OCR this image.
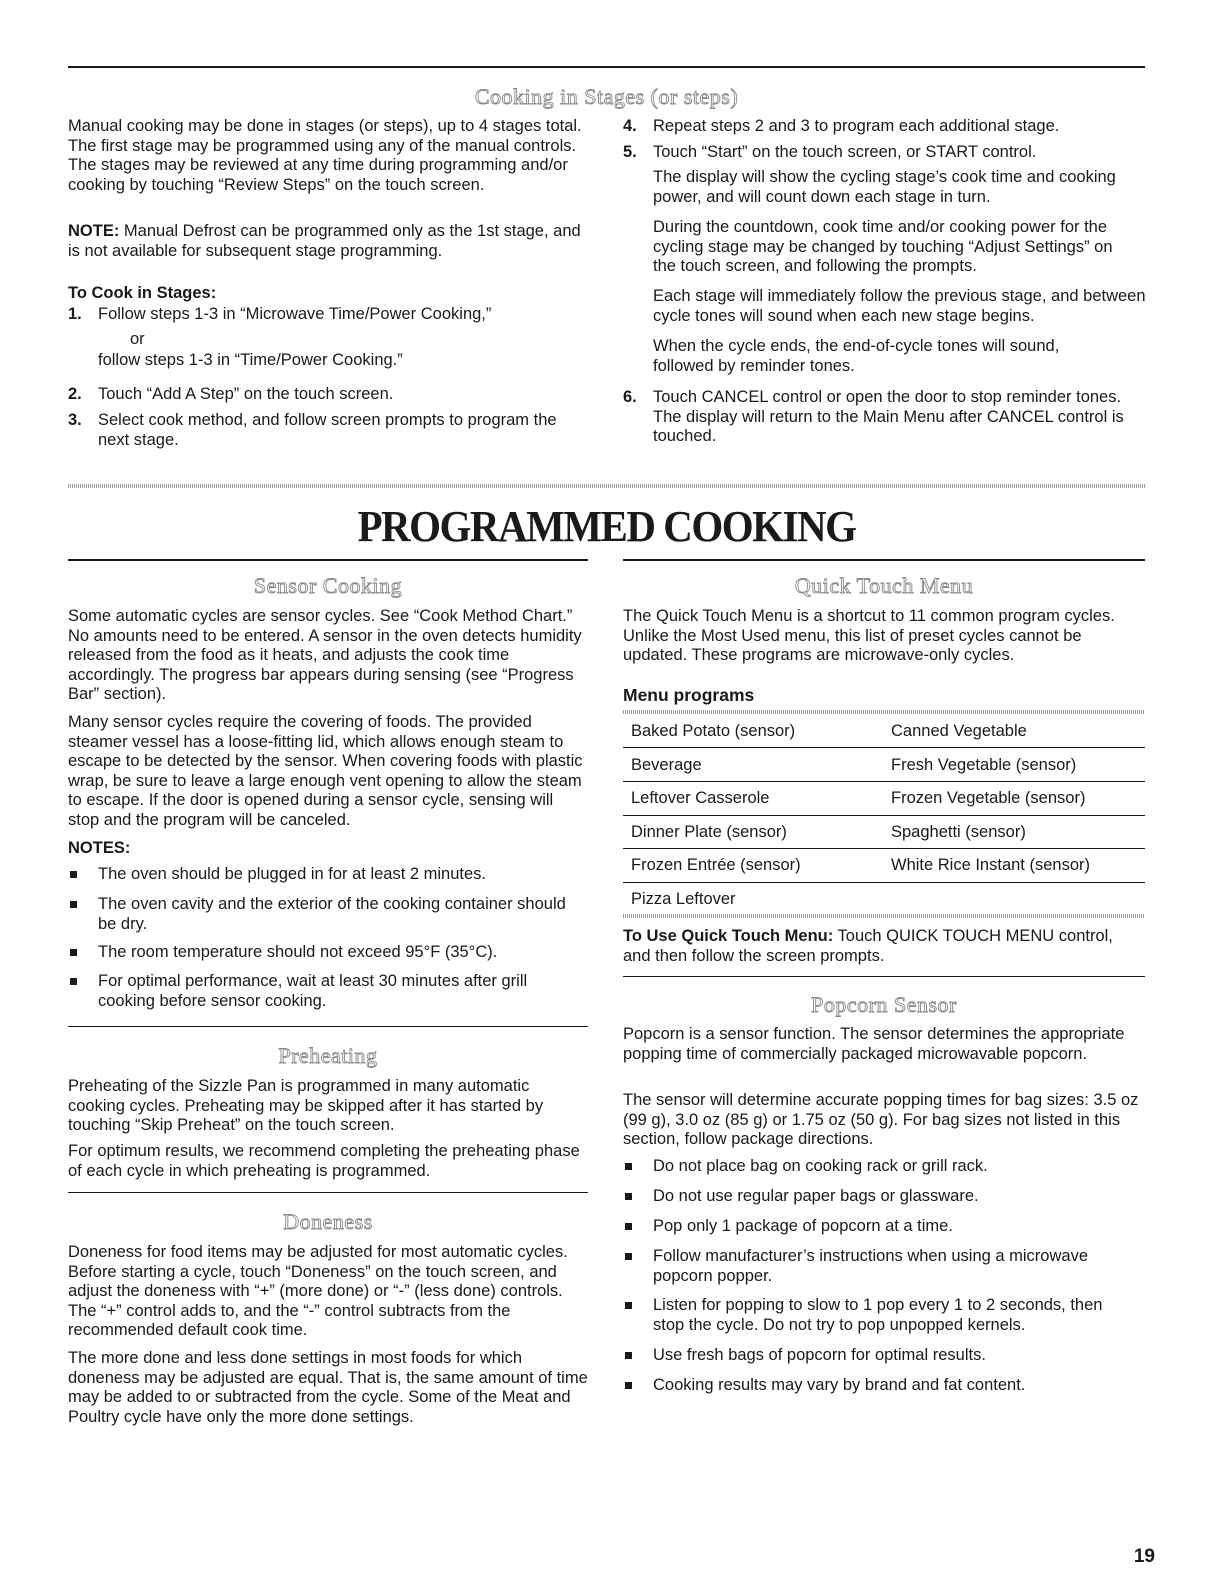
Cooking in Stages (or steps)
Manual cooking may be done in stages (or steps), up to 4 stages total. The first stage may be programmed using any of the manual controls. The stages may be reviewed at any time during programming and/or cooking by touching “Review Steps” on the touch screen.
NOTE: Manual Defrost can be programmed only as the 1st stage, and is not available for subsequent stage programming.
To Cook in Stages:
1. Follow steps 1-3 in “Microwave Time/Power Cooking,”
or
follow steps 1-3 in “Time/Power Cooking.”
2. Touch “Add A Step” on the touch screen.
3. Select cook method, and follow screen prompts to program the next stage.
4. Repeat steps 2 and 3 to program each additional stage.
5. Touch “Start” on the touch screen, or START control.
The display will show the cycling stage’s cook time and cooking power, and will count down each stage in turn.
During the countdown, cook time and/or cooking power for the cycling stage may be changed by touching “Adjust Settings” on the touch screen, and following the prompts.
Each stage will immediately follow the previous stage, and between cycle tones will sound when each new stage begins.
When the cycle ends, the end-of-cycle tones will sound, followed by reminder tones.
6. Touch CANCEL control or open the door to stop reminder tones. The display will return to the Main Menu after CANCEL control is touched.
PROGRAMMED COOKING
Sensor Cooking
Some automatic cycles are sensor cycles. See “Cook Method Chart.” No amounts need to be entered. A sensor in the oven detects humidity released from the food as it heats, and adjusts the cook time accordingly. The progress bar appears during sensing (see “Progress Bar” section).
Many sensor cycles require the covering of foods. The provided steamer vessel has a loose-fitting lid, which allows enough steam to escape to be detected by the sensor. When covering foods with plastic wrap, be sure to leave a large enough vent opening to allow the steam to escape. If the door is opened during a sensor cycle, sensing will stop and the program will be canceled.
NOTES:
The oven should be plugged in for at least 2 minutes.
The oven cavity and the exterior of the cooking container should be dry.
The room temperature should not exceed 95°F (35°C).
For optimal performance, wait at least 30 minutes after grill cooking before sensor cooking.
Preheating
Preheating of the Sizzle Pan is programmed in many automatic cooking cycles. Preheating may be skipped after it has started by touching “Skip Preheat” on the touch screen.
For optimum results, we recommend completing the preheating phase of each cycle in which preheating is programmed.
Doneness
Doneness for food items may be adjusted for most automatic cycles. Before starting a cycle, touch “Doneness” on the touch screen, and adjust the doneness with “+” (more done) or “-” (less done) controls. The “+” control adds to, and the “-” control subtracts from the recommended default cook time.
The more done and less done settings in most foods for which doneness may be adjusted are equal. That is, the same amount of time may be added to or subtracted from the cycle. Some of the Meat and Poultry cycle have only the more done settings.
Quick Touch Menu
The Quick Touch Menu is a shortcut to 11 common program cycles. Unlike the Most Used menu, this list of preset cycles cannot be updated. These programs are microwave-only cycles.
Menu programs
Baked Potato (sensor)	Canned Vegetable
Beverage	Fresh Vegetable (sensor)
Leftover Casserole	Frozen Vegetable (sensor)
Dinner Plate (sensor)	Spaghetti (sensor)
Frozen Entrée (sensor)	White Rice Instant (sensor)
Pizza Leftover
To Use Quick Touch Menu: Touch QUICK TOUCH MENU control, and then follow the screen prompts.
Popcorn Sensor
Popcorn is a sensor function. The sensor determines the appropriate popping time of commercially packaged microwavable popcorn.
The sensor will determine accurate popping times for bag sizes: 3.5 oz (99 g), 3.0 oz (85 g) or 1.75 oz (50 g). For bag sizes not listed in this section, follow package directions.
Do not place bag on cooking rack or grill rack.
Do not use regular paper bags or glassware.
Pop only 1 package of popcorn at a time.
Follow manufacturer’s instructions when using a microwave popcorn popper.
Listen for popping to slow to 1 pop every 1 to 2 seconds, then stop the cycle. Do not try to pop unpopped kernels.
Use fresh bags of popcorn for optimal results.
Cooking results may vary by brand and fat content.
19
